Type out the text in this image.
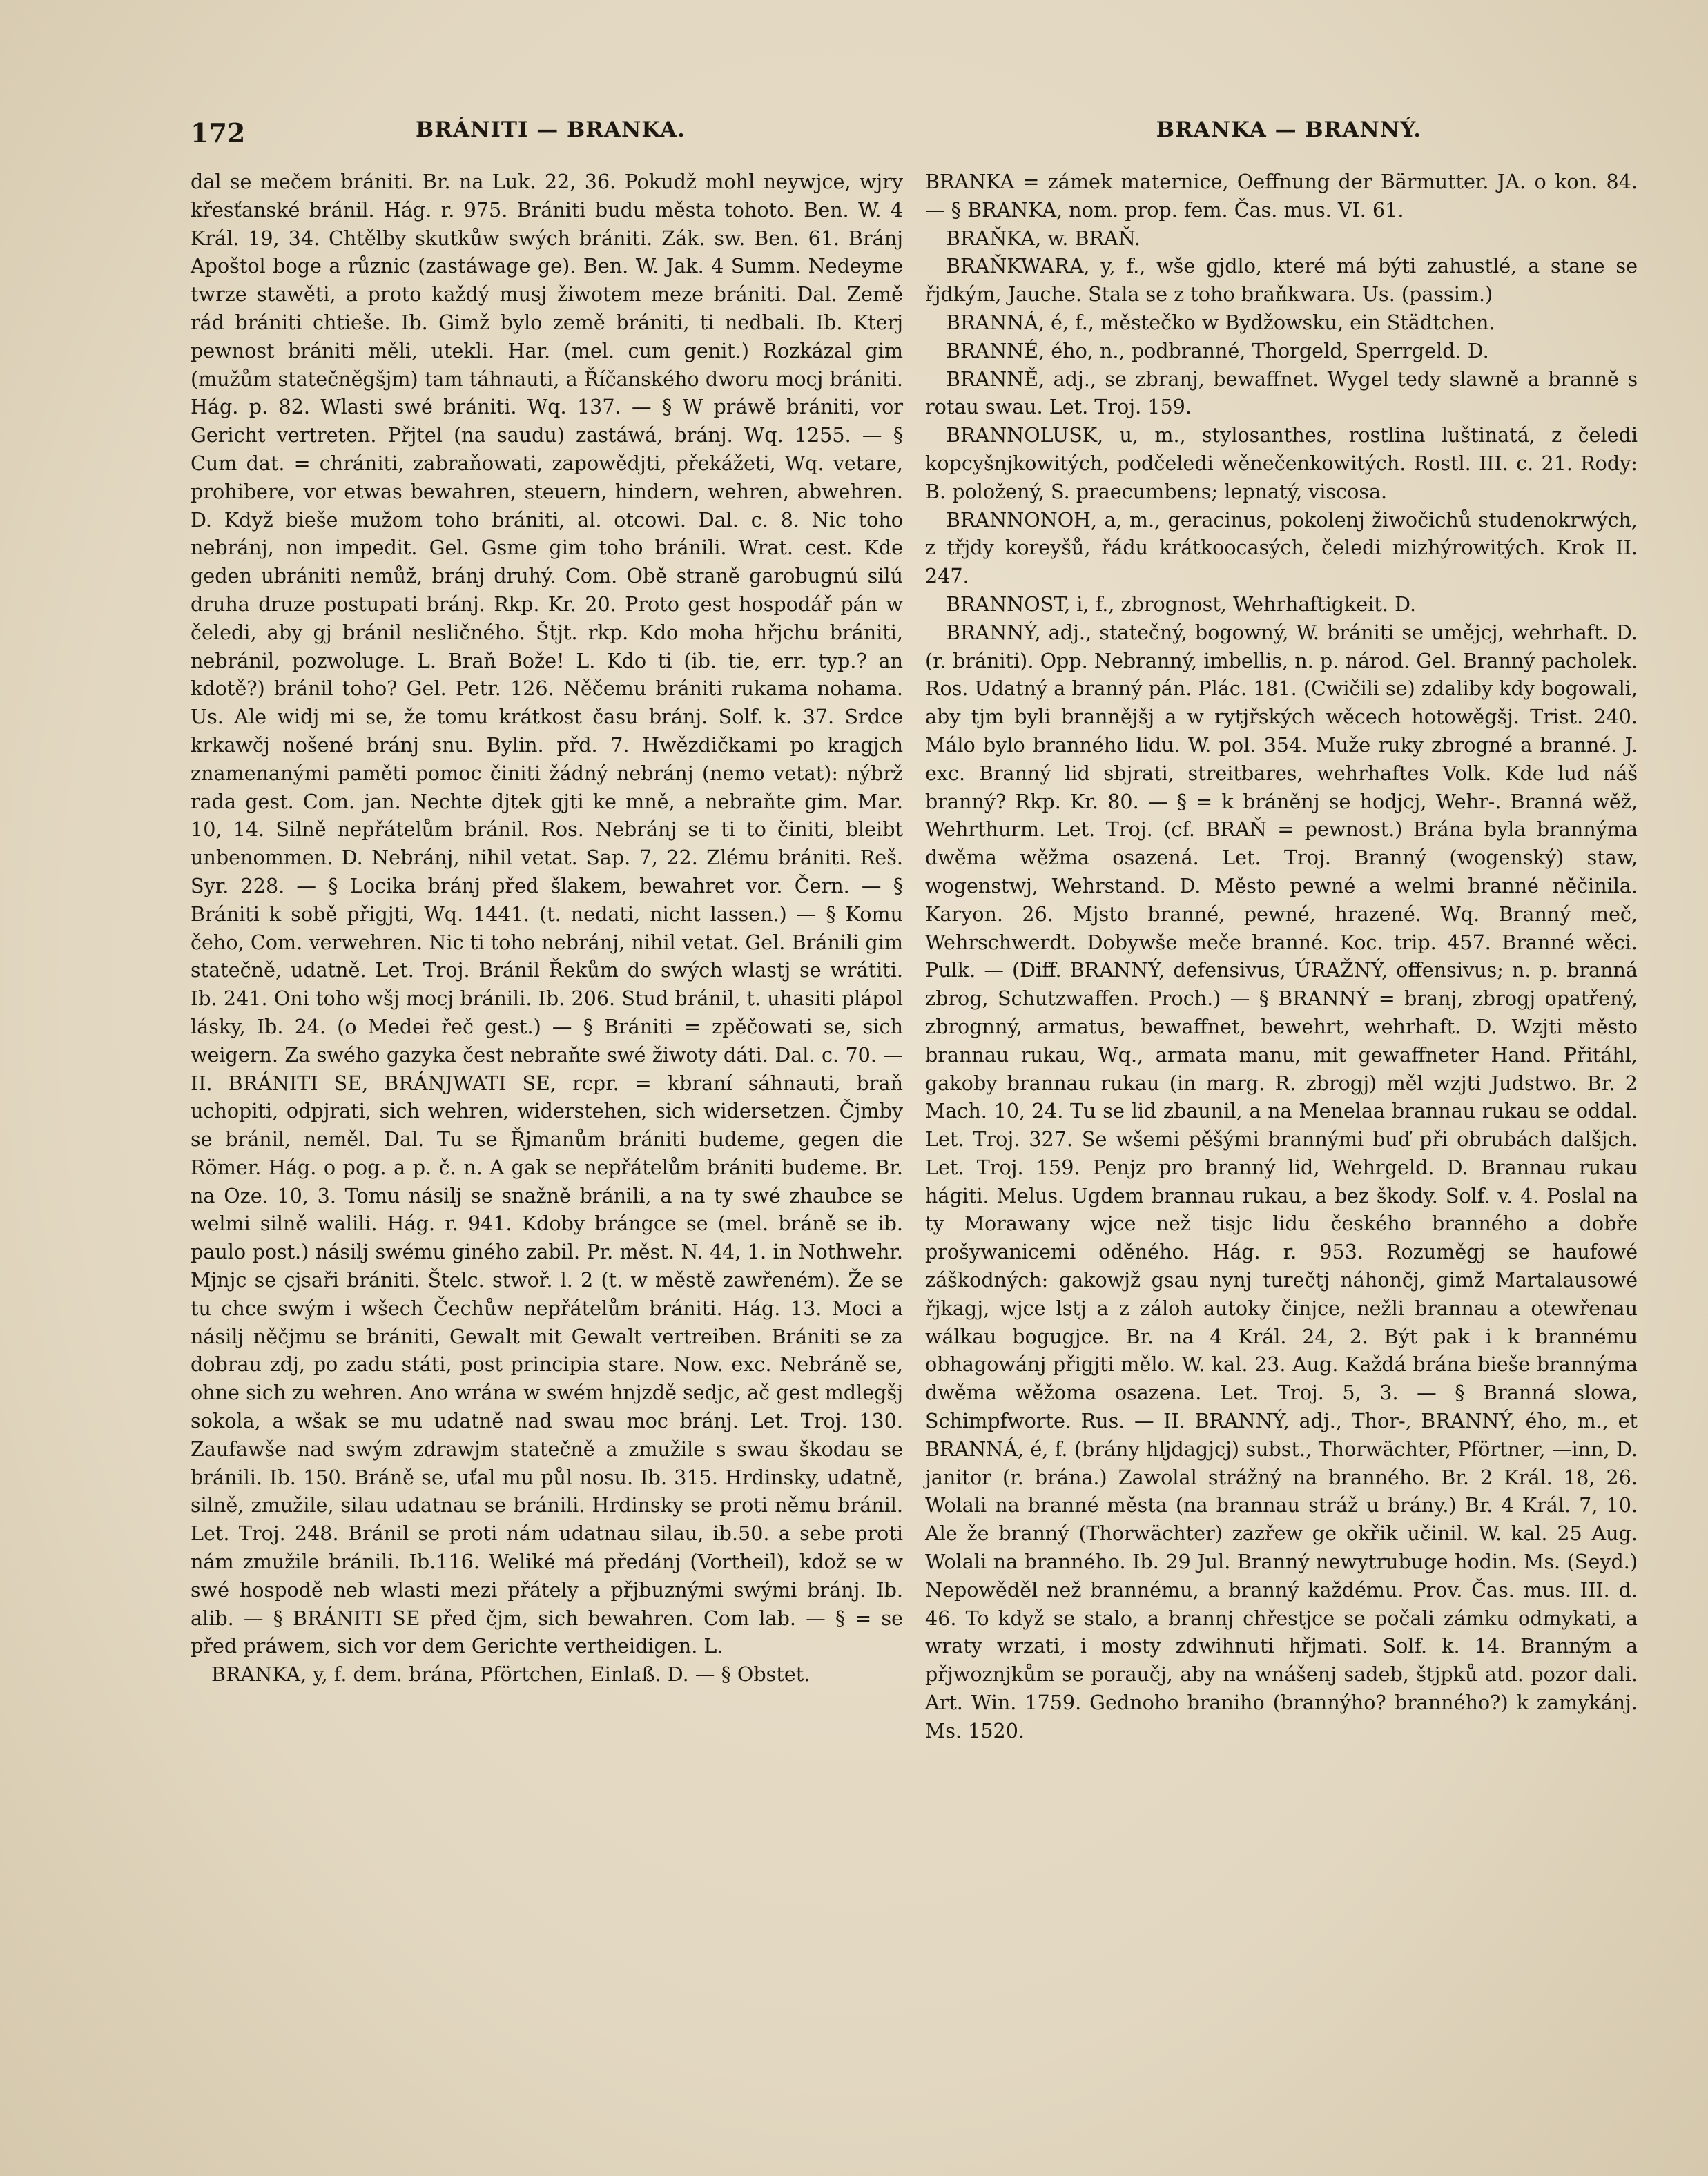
172	BRÁNITI — BRANKA.	BRANKA — BRANNÝ.

dal se mečem brániti. Br. na Luk. 22, 36. Pokudž mohl neywjce, wjry křesťanské bránil. Hág. r. 975. Brániti budu města tohoto. Ben. W. 4 Král. 19, 34. Chtělby skutkůw swých brániti. Zák. sw. Ben. 61. Bránj Apoštol boge a různic (zastáwage ge). Ben. W. Jak. 4 Summ. Nedeyme twrze stawěti, a proto každý musj žiwotem meze brániti. Dal. Země rád brániti chtieše. Ib. Gimž bylo země brániti, ti nedbali. Ib. Kterj pewnost brániti měli, utekli. Har. (mel. cum genit.) Rozkázal gim (mužům statečněgšjm) tam táhnauti, a Říčanského dworu mocj brániti. Hág. p. 82. Wlasti swé brániti. Wq. 137. — § W práwě brániti, vor Gericht vertreten. Přjtel (na saudu) zastáwá, bránj. Wq. 1255. — § Cum dat. = chrániti, zabraňowati, zapowědjti, překážeti, Wq. vetare, prohibere, vor etwas bewahren, steuern, hindern, wehren, abwehren. D. Když bieše mužom toho brániti, al. otcowi. Dal. c. 8. Nic toho nebránj, non impedit. Gel. Gsme gim toho bránili. Wrat. cest. Kde geden ubrániti nemůž, bránj druhý. Com. Obě straně garobugnú silú druha druze postupati bránj. Rkp. Kr. 20. Proto gest hospodář pán w čeledi, aby gj bránil nesličného. Štjt. rkp. Kdo moha hřjchu brániti, nebránil, pozwoluge. L. Braň Bože! L. Kdo ti (ib. tie, err. typ.? an kdotě?) bránil toho? Gel. Petr. 126. Něčemu brániti rukama nohama. Us. Ale widj mi se, že tomu krátkost času bránj. Solf. k. 37. Srdce krkawčj nošené bránj snu. Bylin. přd. 7. Hwězdičkami po kragjch znamenanými paměti pomoc činiti žádný nebránj (nemo vetat): nýbrž rada gest. Com. jan. Nechte djtek gjti ke mně, a nebraňte gim. Mar. 10, 14. Silně nepřátelům bránil. Ros. Nebránj se ti to činiti, bleibt unbenommen. D. Nebránj, nihil vetat. Sap. 7, 22. Zlému brániti. Reš. Syr. 228. — § Locika bránj před šlakem, bewahret vor. Čern. — § Brániti k sobě přigjti, Wq. 1441. (t. nedati, nicht lassen.) — § Komu čeho, Com. verwehren. Nic ti toho nebránj, nihil vetat. Gel. Bránili gim statečně, udatně. Let. Troj. Bránil Řekům do swých wlastj se wrátiti. Ib. 241. Oni toho wšj mocj bránili. Ib. 206. Stud bránil, t. uhasiti plápol lásky, Ib. 24. (o Medei řeč gest.) — § Brániti = zpěčowati se, sich weigern. Za swého gazyka čest nebraňte swé žiwoty dáti. Dal. c. 70. — II. BRÁNITI SE, BRÁNJWATI SE, rcpr. = kbraní sáhnauti, braň uchopiti, odpjrati, sich wehren, widerstehen, sich widersetzen. Čjmby se bránil, neměl. Dal. Tu se Řjmanům brániti budeme, gegen die Römer. Hág. o pog. a p. č. n. A gak se nepřátelům brániti budeme. Br. na Oze. 10, 3. Tomu násilj se snažně bránili, a na ty swé zhaubce se welmi silně walili. Hág. r. 941. Kdoby brángce se (mel. bráně se ib. paulo post.) násilj swému giného zabil. Pr. měst. N. 44, 1. in Nothwehr. Mjnjc se cjsaři brániti. Štelc. stwoř. l. 2 (t. w městě zawřeném). Že se tu chce swým i wšech Čechůw nepřátelům brániti. Hág. 13. Moci a násilj něčjmu se brániti, Gewalt mit Gewalt vertreiben. Brániti se za dobrau zdj, po zadu státi, post principia stare. Now. exc. Nebráně se, ohne sich zu wehren. Ano wrána w swém hnjzdě sedjc, ač gest mdlegšj sokola, a wšak se mu udatně nad swau moc bránj. Let. Troj. 130. Zaufawše nad swým zdrawjm statečně a zmužile s swau škodau se bránili. Ib. 150. Bráně se, uťal mu půl nosu. Ib. 315. Hrdinsky, udatně, silně, zmužile, silau udatnau se bránili. Hrdinsky se proti němu bránil. Let. Troj. 248. Bránil se proti nám udatnau silau, ib.50. a sebe proti nám zmužile bránili. Ib.116. Weliké má předánj (Vortheil), kdož se w swé hospodě neb wlasti mezi přátely a přjbuznými swými bránj. Ib. alib. — § BRÁNITI SE před čjm, sich bewahren. Com lab. — § = se před práwem, sich vor dem Gerichte vertheidigen. L.

BRANKA, y, f. dem. brána, Pförtchen, Einlaß. D. — § Obstet.

BRANKA = zámek maternice, Oeffnung der Bärmutter. JA. o kon. 84. — § BRANKA, nom. prop. fem. Čas. mus. VI. 61.

BRAŇKA, w. BRAŇ.

BRAŇKWARA, y, f., wše gjdlo, které má býti zahustlé, a stane se řjdkým, Jauche. Stala se z toho braňkwara. Us. (passim.)

BRANNÁ, é, f., městečko w Bydžowsku, ein Städtchen.

BRANNÉ, ého, n., podbranné, Thorgeld, Sperrgeld. D.

BRANNĚ, adj., se zbranj, bewaffnet. Wygel tedy slawně a branně s rotau swau. Let. Troj. 159.

BRANNOLUSK, u, m., stylosanthes, rostlina luštinatá, z čeledi kopcyšnjkowitých, podčeledi wěnečenkowitých. Rostl. III. c. 21. Rody: B. položený, S. praecumbens; lepnatý, viscosa.

BRANNONOH, a, m., geracinus, pokolenj žiwočichů studenokrwých, z třjdy koreyšů, řádu krátkoocasých, čeledi mizhýrowitých. Krok II. 247.

BRANNOST, i, f., zbrognost, Wehrhaftigkeit. D.

BRANNÝ, adj., statečný, bogowný, W. brániti se umějcj, wehrhaft. D. (r. brániti). Opp. Nebranný, imbellis, n. p. národ. Gel. Branný pacholek. Ros. Udatný a branný pán. Plác. 181. (Cwičili se) zdaliby kdy bogowali, aby tjm byli brannějšj a w rytjřských wěcech hotowěgšj. Trist. 240. Málo bylo branného lidu. W. pol. 354. Muže ruky zbrogné a branné. J. exc. Branný lid sbjrati, streitbares, wehrhaftes Volk. Kde lud náš branný? Rkp. Kr. 80. — § = k bráněnj se hodjcj, Wehr-. Branná wěž, Wehrthurm. Let. Troj. (cf. BRAŇ = pewnost.) Brána byla brannýma dwěma wěžma osazená. Let. Troj. Branný (wogenský) staw, wogenstwj, Wehrstand. D. Město pewné a welmi branné něčinila. Karyon. 26. Mjsto branné, pewné, hrazené. Wq. Branný meč, Wehrschwerdt. Dobywše meče branné. Koc. trip. 457. Branné wěci. Pulk. — (Diff. BRANNÝ, defensivus, ÚRAŽNÝ, offensivus; n. p. branná zbrog, Schutzwaffen. Proch.) — § BRANNÝ = branj, zbrogj opatřený, zbrognný, armatus, bewaffnet, bewehrt, wehrhaft. D. Wzjti město brannau rukau, Wq., armata manu, mit gewaffneter Hand. Přitáhl, gakoby brannau rukau (in marg. R. zbrogj) měl wzjti Judstwo. Br. 2 Mach. 10, 24. Tu se lid zbaunil, a na Menelaa brannau rukau se oddal. Let. Troj. 327. Se wšemi pěšými brannými buď při obrubách dalšjch. Let. Troj. 159. Penjz pro branný lid, Wehrgeld. D. Brannau rukau hágiti. Melus. Ugdem brannau rukau, a bez škody. Solf. v. 4. Poslal na ty Morawany wjce než tisjc lidu českého branného a dobře prošywanicemi oděného. Hág. r. 953. Rozuměgj se haufowé záškodných: gakowjž gsau nynj turečtj náhončj, gimž Martalausowé řjkagj, wjce lstj a z záloh autoky činjce, nežli brannau a otewřenau wálkau bogugjce. Br. na 4 Král. 24, 2. Být pak i k brannému obhagowánj přigjti mělo. W. kal. 23. Aug. Každá brána bieše brannýma dwěma wěžoma osazena. Let. Troj. 5, 3. — § Branná slowa, Schimpfworte. Rus. — II. BRANNÝ, adj., Thor-, BRANNÝ, ého, m., et BRANNÁ, é, f. (brány hljdagjcj) subst., Thorwächter, Pförtner, —inn, D. janitor (r. brána.) Zawolal strážný na branného. Br. 2 Král. 18, 26. Wolali na branné města (na brannau stráž u brány.) Br. 4 Král. 7, 10. Ale že branný (Thorwächter) zazřew ge okřik učinil. W. kal. 25 Aug. Wolali na branného. Ib. 29 Jul. Branný newytrubuge hodin. Ms. (Seyd.) Nepowěděl než brannému, a branný každému. Prov. Čas. mus. III. d. 46. To když se stalo, a brannj chřestjce se počali zámku odmykati, a wraty wrzati, i mosty zdwihnuti hřjmati. Solf. k. 14. Branným a přjwoznjkům se poraučj, aby na wnášenj sadeb, štjpků atd. pozor dali. Art. Win. 1759. Gednoho braniho (brannýho? branného?) k zamykánj. Ms. 1520.
